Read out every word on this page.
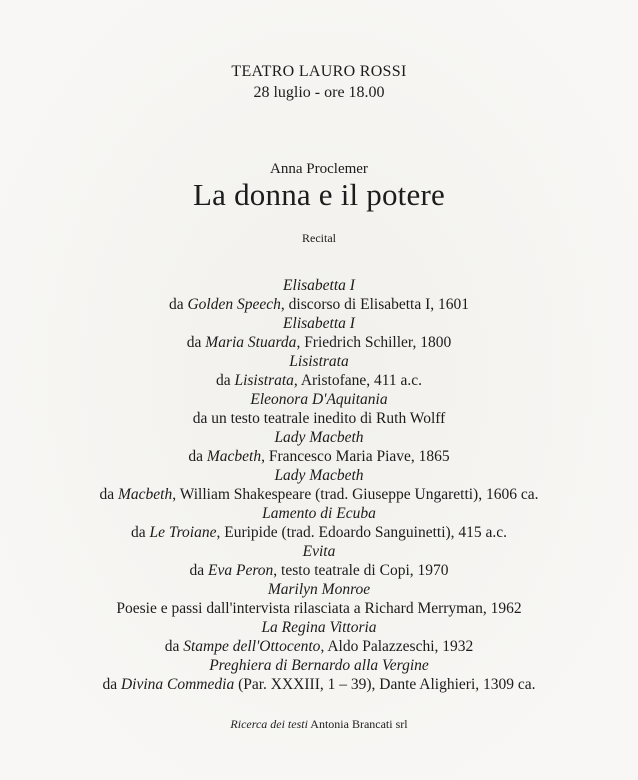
TEATRO LAURO ROSSI
28 luglio - ore 18.00
Anna Proclemer
La donna e il potere
Recital
Elisabetta I
da Golden Speech, discorso di Elisabetta I, 1601
Elisabetta I
da Maria Stuarda, Friedrich Schiller, 1800
Lisistrata
da Lisistrata, Aristofane, 411 a.c.
Eleonora D'Aquitania
da un testo teatrale inedito di Ruth Wolff
Lady Macbeth
da Macbeth, Francesco Maria Piave, 1865
Lady Macbeth
da Macbeth, William Shakespeare (trad. Giuseppe Ungaretti), 1606 ca.
Lamento di Ecuba
da Le Troiane, Euripide (trad. Edoardo Sanguinetti), 415 a.c.
Evita
da Eva Peron, testo teatrale di Copi, 1970
Marilyn Monroe
Poesie e passi dall'intervista rilasciata a Richard Merryman, 1962
La Regina Vittoria
da Stampe dell'Ottocento, Aldo Palazzeschi, 1932
Preghiera di Bernardo alla Vergine
da Divina Commedia (Par. XXXIII, 1 – 39), Dante Alighieri, 1309 ca.
Ricerca dei testi Antonia Brancati srl
